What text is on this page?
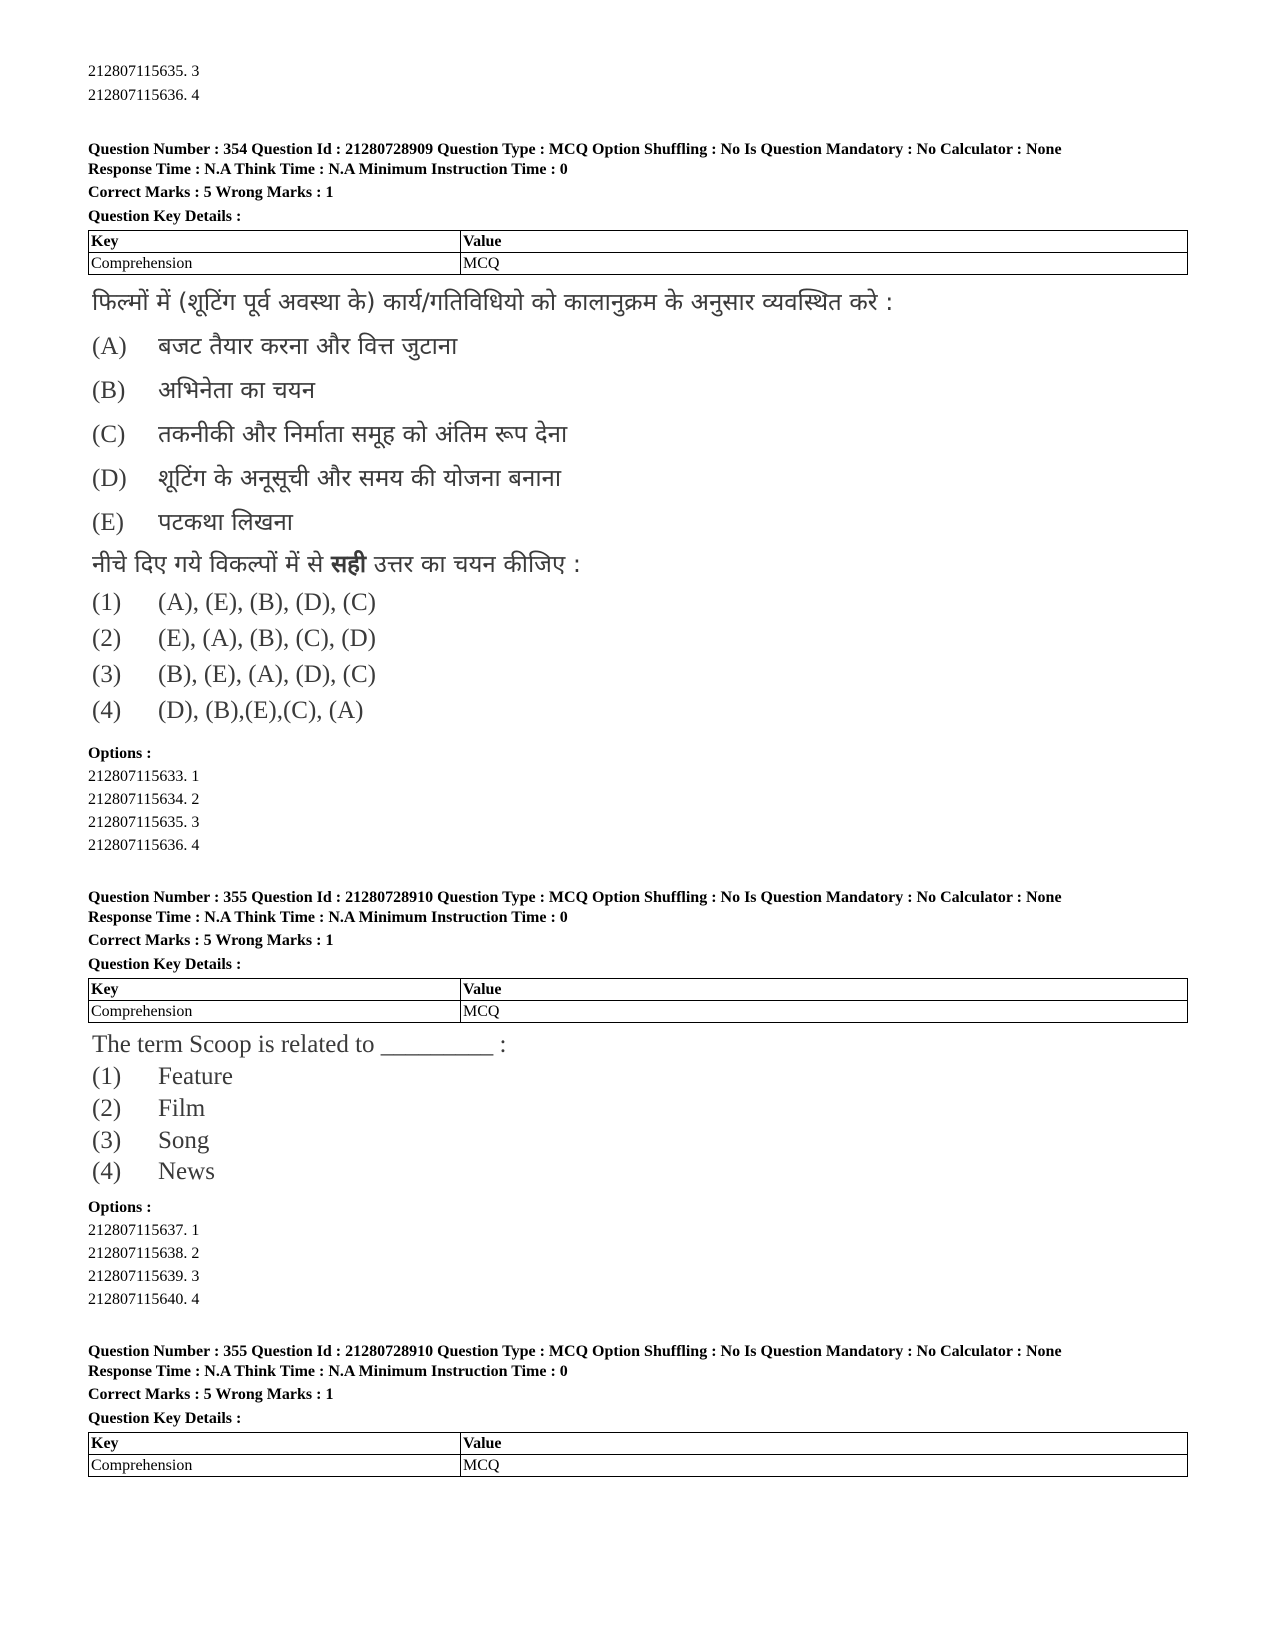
212807115635. 3
212807115636. 4
Question Number : 354 Question Id : 21280728909 Question Type : MCQ Option Shuffling : No Is Question Mandatory : No Calculator : None
Response Time : N.A Think Time : N.A Minimum Instruction Time : 0
Correct Marks : 5 Wrong Marks : 1
Question Key Details :
Key	Value
Comprehension	MCQ
फिल्मों में (शूटिंग पूर्व अवस्था के) कार्य/गतिविधियो को कालानुक्रम के अनुसार व्यवस्थित करे :
(A) बजट तैयार करना और वित्त जुटाना
(B) अभिनेता का चयन
(C) तकनीकी और निर्माता समूह को अंतिम रूप देना
(D) शूटिंग के अनूसूची और समय की योजना बनाना
(E) पटकथा लिखना
नीचे दिए गये विकल्पों में से सही उत्तर का चयन कीजिए :
(1) (A), (E), (B), (D), (C)
(2) (E), (A), (B), (C), (D)
(3) (B), (E), (A), (D), (C)
(4) (D), (B),(E),(C), (A)
Options :
212807115633. 1
212807115634. 2
212807115635. 3
212807115636. 4
Question Number : 355 Question Id : 21280728910 Question Type : MCQ Option Shuffling : No Is Question Mandatory : No Calculator : None
Response Time : N.A Think Time : N.A Minimum Instruction Time : 0
Correct Marks : 5 Wrong Marks : 1
Question Key Details :
Key	Value
Comprehension	MCQ
The term Scoop is related to _________ :
(1) Feature
(2) Film
(3) Song
(4) News
Options :
212807115637. 1
212807115638. 2
212807115639. 3
212807115640. 4
Question Number : 355 Question Id : 21280728910 Question Type : MCQ Option Shuffling : No Is Question Mandatory : No Calculator : None
Response Time : N.A Think Time : N.A Minimum Instruction Time : 0
Correct Marks : 5 Wrong Marks : 1
Question Key Details :
Key	Value
Comprehension	MCQ
